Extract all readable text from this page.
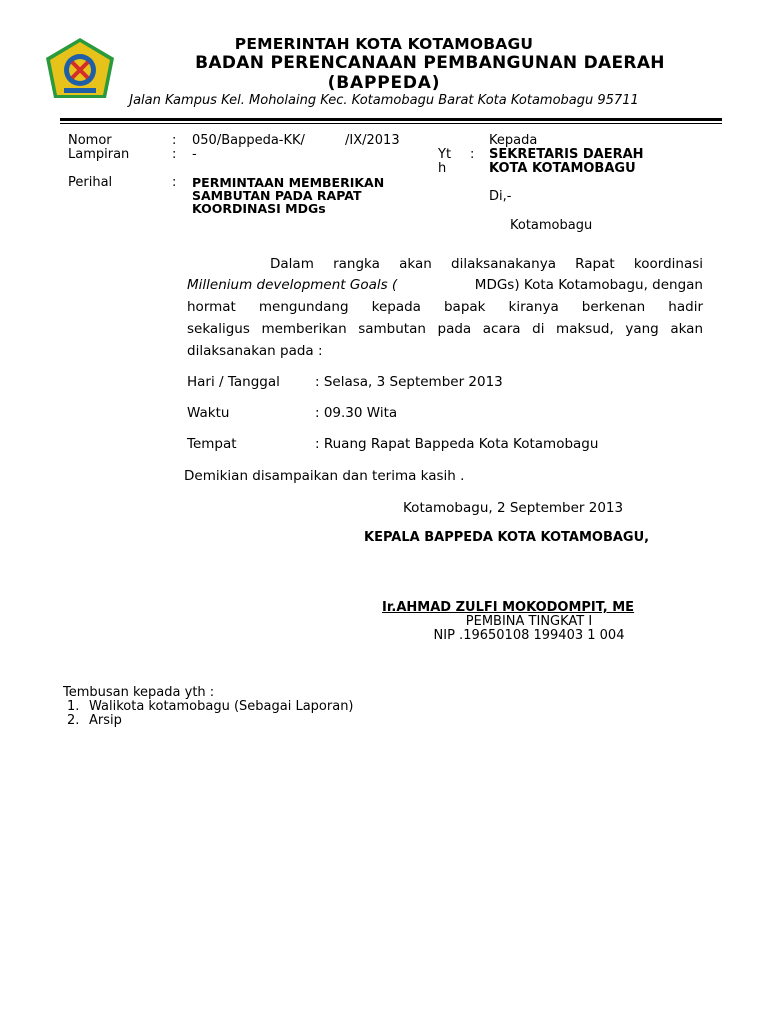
PEMERINTAH KOTA KOTAMOBAGU
BADAN PERENCANAAN PEMBANGUNAN DAERAH
(BAPPEDA)
Jalan Kampus Kel. Moholaing Kec. Kotamobagu Barat Kota Kotamobagu 95711
Nomor	: 050/Bappeda-KK/	/IX/2013
Lampiran	: -
Perihal	: PERMINTAAN MEMBERIKAN
SAMBUTAN PADA RAPAT
KOORDINASI MDGs
Kepada
Yt
h
: SEKRETARIS DAERAH
KOTA KOTAMOBAGU
Di,-
Kotamobagu
Dalam rangka akan dilaksanakanya Rapat koordinasi
Millenium development Goals (	MDGs) Kota Kotamobagu, dengan
hormat mengundang kepada bapak kiranya berkenan hadir
sekaligus memberikan sambutan pada acara di maksud, yang akan
dilaksanakan pada :
Hari / Tanggal	: Selasa, 3 September 2013
Waktu	: 09.30 Wita
Tempat	: Ruang Rapat Bappeda Kota Kotamobagu
Demikian disampaikan dan terima kasih .
Kotamobagu, 2 September 2013
KEPALA BAPPEDA KOTA KOTAMOBAGU,
Ir.AHMAD ZULFI MOKODOMPIT, ME
PEMBINA TINGKAT I
NIP .19650108 199403 1 004
Tembusan kepada yth :
1. Walikota kotamobagu (Sebagai Laporan)
2. Arsip
